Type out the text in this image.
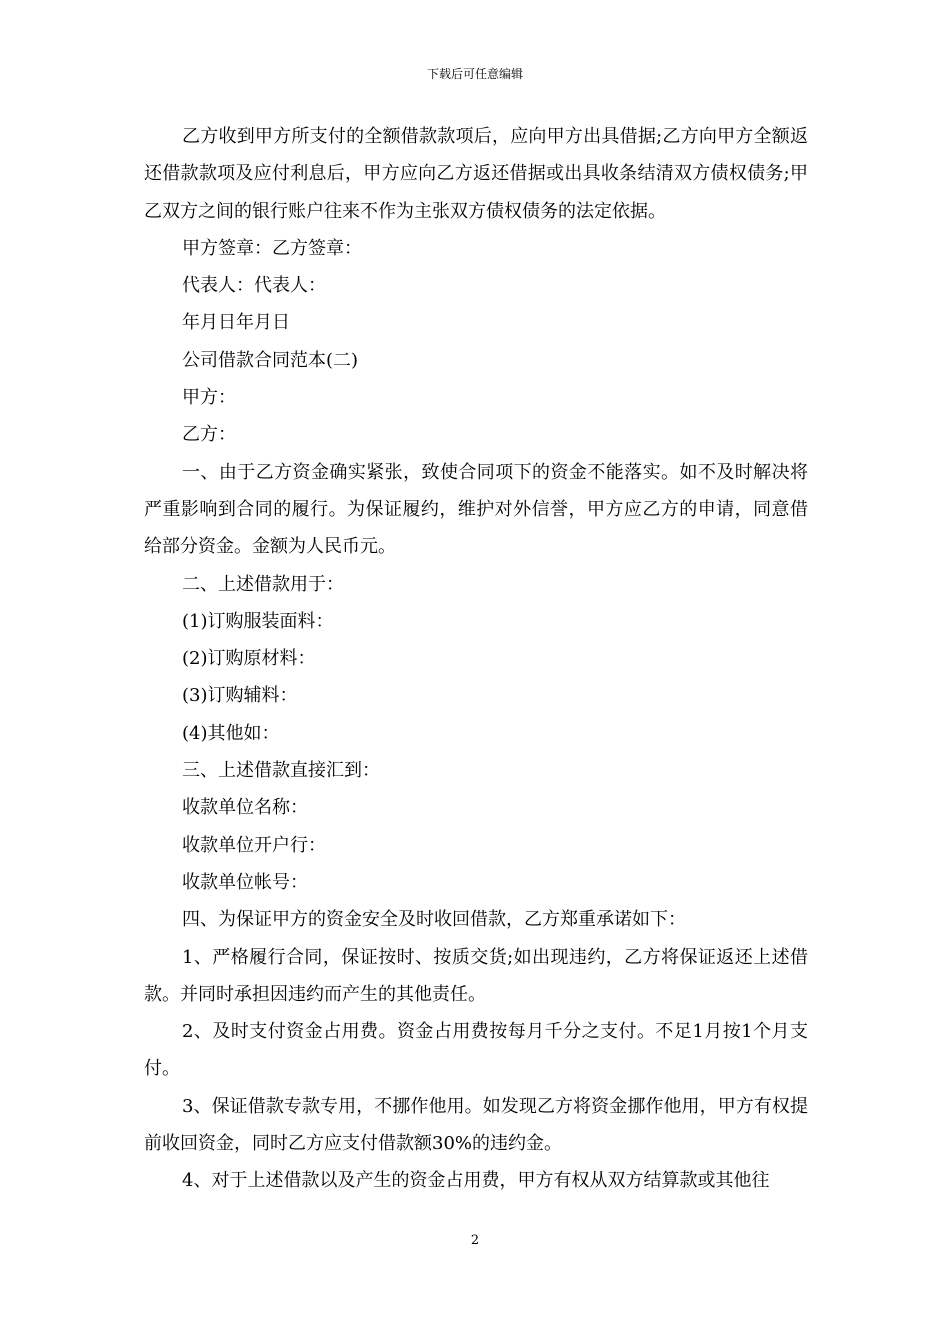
下载后可任意编辑

乙方收到甲方所支付的全额借款款项后，应向甲方出具借据;乙方向甲方全额返还借款款项及应付利息后，甲方应向乙方返还借据或出具收条结清双方债权债务;甲乙双方之间的银行账户往来不作为主张双方债权债务的法定依据。

甲方签章：乙方签章：

代表人：代表人：

年月日年月日

公司借款合同范本(二)

甲方：

乙方：

一、由于乙方资金确实紧张，致使合同项下的资金不能落实。如不及时解决将严重影响到合同的履行。为保证履约，维护对外信誉，甲方应乙方的申请，同意借给部分资金。金额为人民币元。

二、上述借款用于：

(1)订购服装面料：

(2)订购原材料：

(3)订购辅料：

(4)其他如：

三、上述借款直接汇到：

收款单位名称：

收款单位开户行：

收款单位帐号：

四、为保证甲方的资金安全及时收回借款，乙方郑重承诺如下：

1、严格履行合同，保证按时、按质交货;如出现违约，乙方将保证返还上述借款。并同时承担因违约而产生的其他责任。

2、及时支付资金占用费。资金占用费按每月千分之支付。不足1月按1个月支付。

3、保证借款专款专用，不挪作他用。如发现乙方将资金挪作他用，甲方有权提前收回资金，同时乙方应支付借款额30%的违约金。

4、对于上述借款以及产生的资金占用费，甲方有权从双方结算款或其他往

2
